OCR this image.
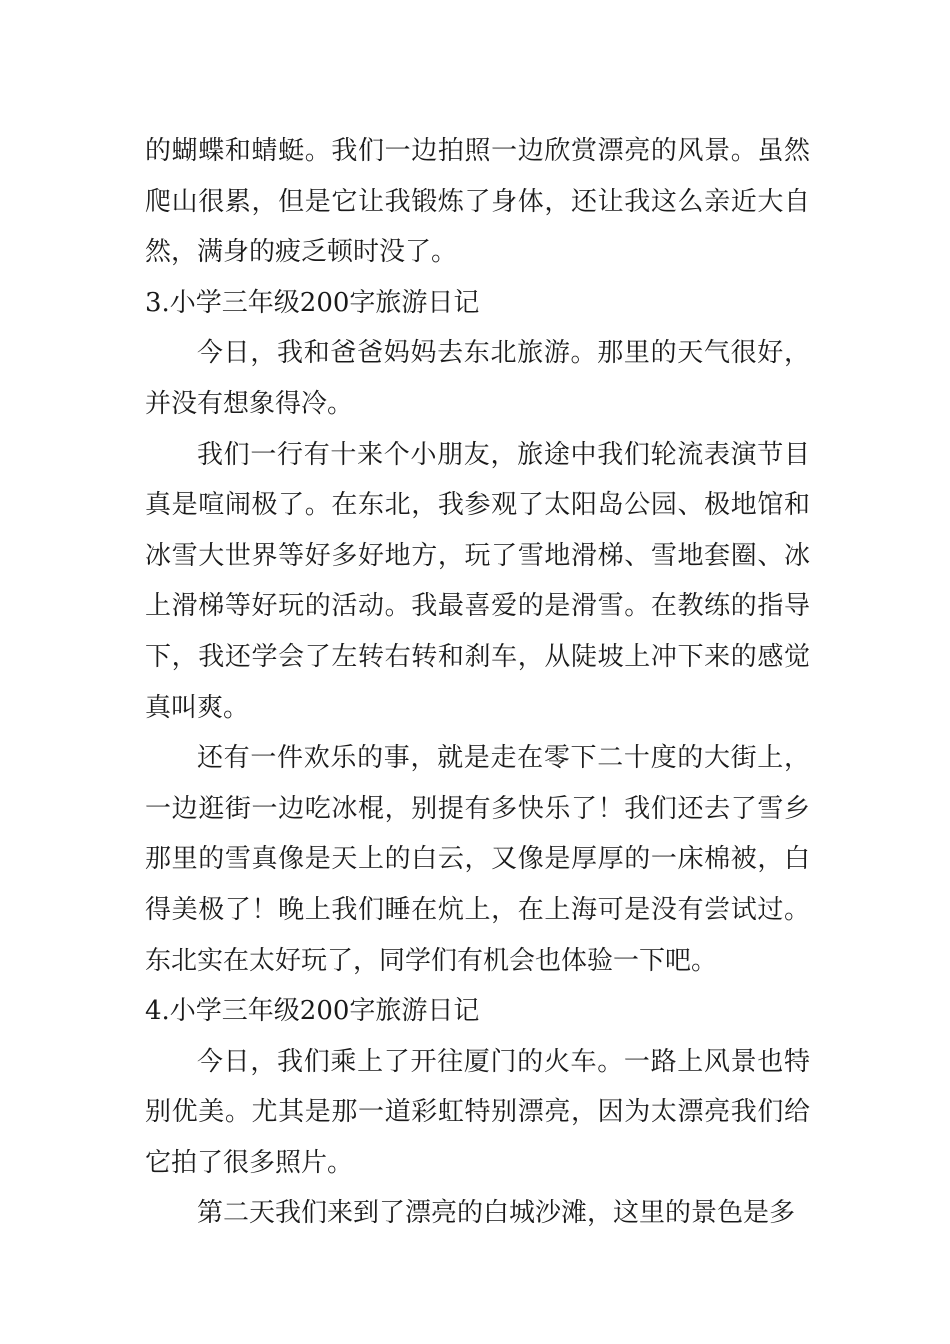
的蝴蝶和蜻蜓。我们一边拍照一边欣赏漂亮的风景。虽然爬山很累，但是它让我锻炼了身体，还让我这么亲近大自然，满身的疲乏顿时没了。

3.小学三年级200字旅游日记

今日，我和爸爸妈妈去东北旅游。那里的天气很好，并没有想象得冷。

我们一行有十来个小朋友，旅途中我们轮流表演节目真是喧闹极了。在东北，我参观了太阳岛公园、极地馆和冰雪大世界等好多好地方，玩了雪地滑梯、雪地套圈、冰上滑梯等好玩的活动。我最喜爱的是滑雪。在教练的指导下，我还学会了左转右转和刹车，从陡坡上冲下来的感觉真叫爽。

还有一件欢乐的事，就是走在零下二十度的大街上，一边逛街一边吃冰棍，别提有多快乐了！我们还去了雪乡那里的雪真像是天上的白云，又像是厚厚的一床棉被，白得美极了！晚上我们睡在炕上，在上海可是没有尝试过。东北实在太好玩了，同学们有机会也体验一下吧。

4.小学三年级200字旅游日记

今日，我们乘上了开往厦门的火车。一路上风景也特别优美。尤其是那一道彩虹特别漂亮，因为太漂亮我们给它拍了很多照片。

第二天我们来到了漂亮的白城沙滩，这里的景色是多
